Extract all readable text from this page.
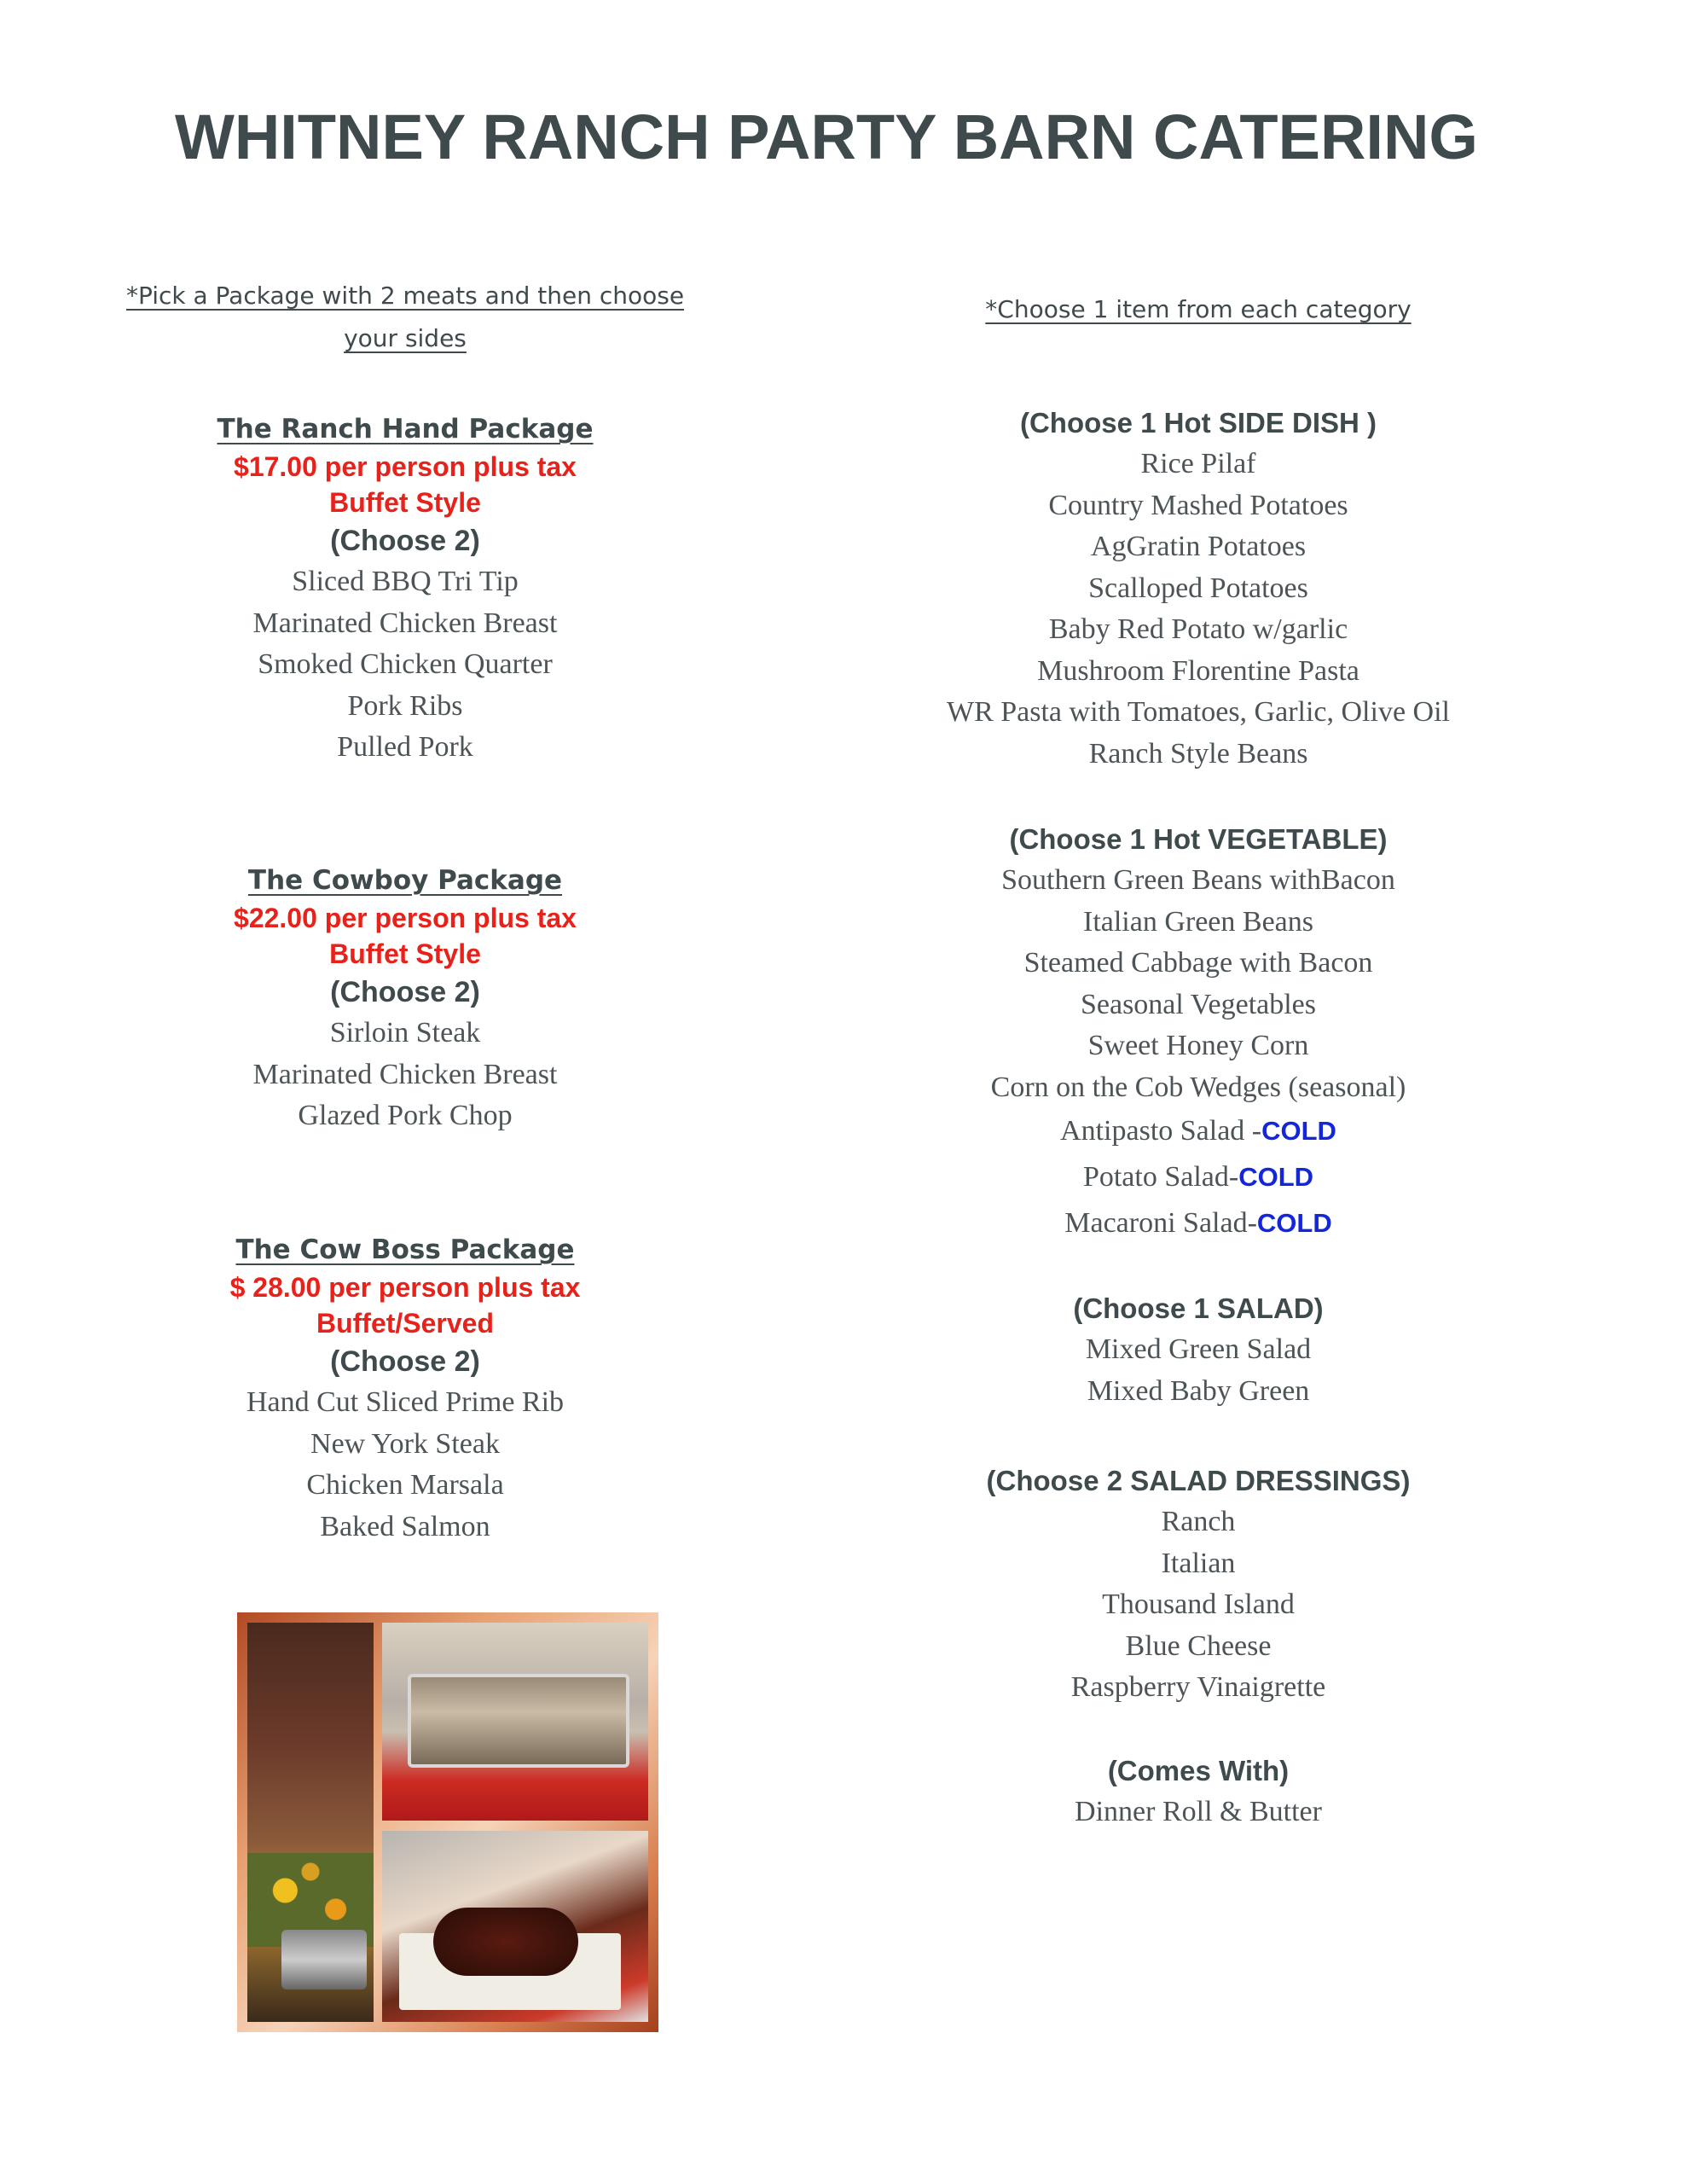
WHITNEY RANCH PARTY BARN CATERING
*Pick a Package with 2 meats and then choose
your sides
The Ranch Hand Package
$17.00 per person plus tax
Buffet Style
(Choose 2)
Sliced BBQ Tri Tip
Marinated Chicken Breast
Smoked Chicken Quarter
Pork Ribs
Pulled Pork
The Cowboy Package
$22.00 per person plus tax
Buffet Style
(Choose 2)
Sirloin Steak
Marinated Chicken Breast
Glazed Pork Chop
The Cow Boss Package
$ 28.00 per person plus tax
Buffet/Served
(Choose 2)
Hand Cut Sliced Prime Rib
New York Steak
Chicken Marsala
Baked Salmon
*Choose 1 item from each category
(Choose 1 Hot SIDE DISH )
Rice Pilaf
Country Mashed Potatoes
AgGratin Potatoes
Scalloped Potatoes
Baby Red Potato w/garlic
Mushroom Florentine Pasta
WR Pasta with Tomatoes, Garlic, Olive Oil
Ranch Style Beans
(Choose 1 Hot VEGETABLE)
Southern Green Beans withBacon
Italian Green Beans
Steamed Cabbage with Bacon
Seasonal Vegetables
Sweet Honey Corn
Corn on the Cob Wedges (seasonal)
Antipasto Salad -COLD
Potato Salad-COLD
Macaroni Salad-COLD
(Choose 1 SALAD)
Mixed Green Salad
Mixed Baby Green
(Choose 2 SALAD DRESSINGS)
Ranch
Italian
Thousand Island
Blue Cheese
Raspberry Vinaigrette
(Comes With)
Dinner Roll & Butter
